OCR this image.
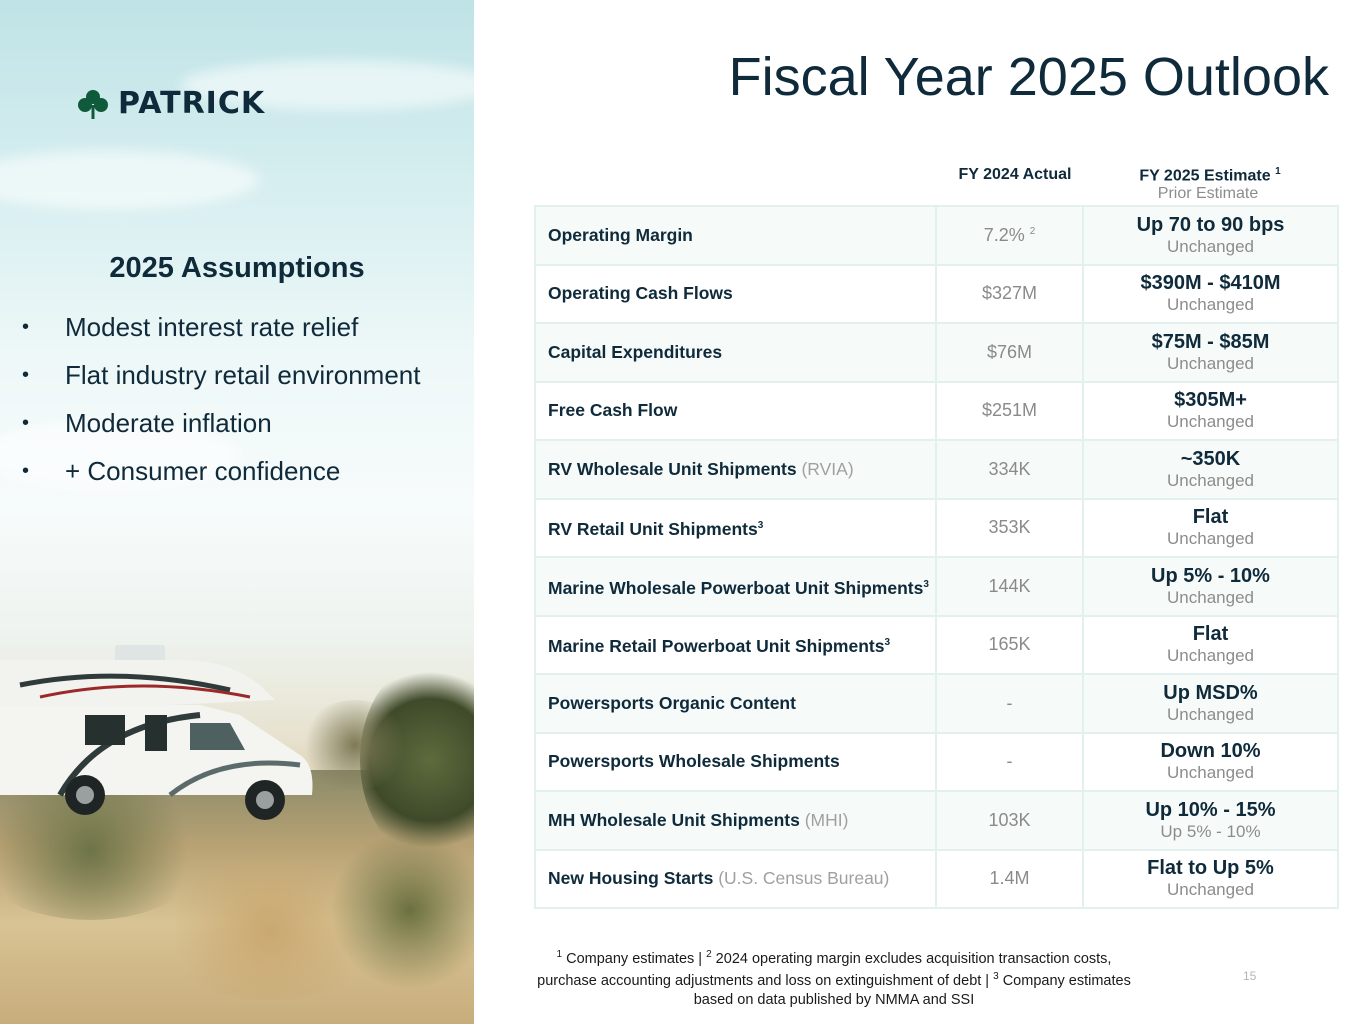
PATRICK
2025 Assumptions
•	Modest interest rate relief
•	Flat industry retail environment
•	Moderate inflation
•	+ Consumer confidence
Fiscal Year 2025 Outlook
FY 2024 Actual	FY 2025 Estimate $^1$
Prior Estimate
Operating Margin	7.2% $^2$	Up 70 to 90 bps
Unchanged

Operating Cash Flows	$327M	$390M - $410M
Unchanged

Capital Expenditures	$76M	$75M - $85M
Unchanged

Free Cash Flow	$251M	$305M+
Unchanged

RV Wholesale Unit Shipments (RVIA)	334K	~350K
Unchanged

RV Retail Unit Shipments$^3$	353K	Flat
Unchanged

Marine Wholesale Powerboat Unit Shipments$^3$	144K	Up 5% - 10%
Unchanged

Marine Retail Powerboat Unit Shipments$^3$	165K	Flat
Unchanged

Powersports Organic Content	-	Up MSD%
Unchanged

Powersports Wholesale Shipments	-	Down 10%
Unchanged

MH Wholesale Unit Shipments (MHI)	103K	Up 10% - 15%
Up 5% - 10%

New Housing Starts (U.S. Census Bureau)	1.4M	Flat to Up 5%
Unchanged
$^1$ Company estimates | $^2$ 2024 operating margin excludes acquisition transaction costs, purchase accounting adjustments and loss on extinguishment of debt | $^3$ Company estimates based on data published by NMMA and SSI
15
